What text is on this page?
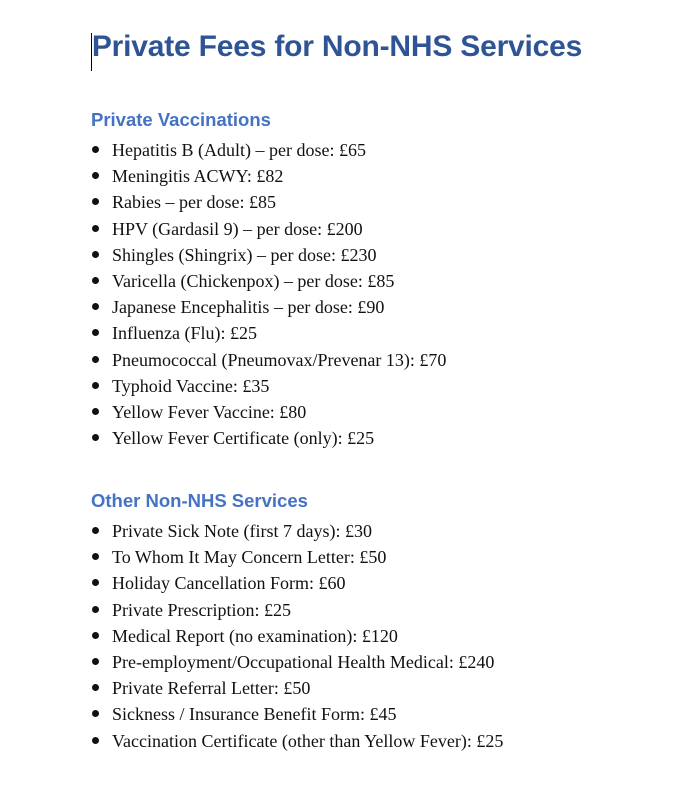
Private Fees for Non-NHS Services
Private Vaccinations
Hepatitis B (Adult) – per dose: £65
Meningitis ACWY: £82
Rabies – per dose: £85
HPV (Gardasil 9) – per dose: £200
Shingles (Shingrix) – per dose: £230
Varicella (Chickenpox) – per dose: £85
Japanese Encephalitis – per dose: £90
Influenza (Flu): £25
Pneumococcal (Pneumovax/Prevenar 13): £70
Typhoid Vaccine: £35
Yellow Fever Vaccine: £80
Yellow Fever Certificate (only): £25
Other Non-NHS Services
Private Sick Note (first 7 days): £30
To Whom It May Concern Letter: £50
Holiday Cancellation Form: £60
Private Prescription: £25
Medical Report (no examination): £120
Pre-employment/Occupational Health Medical: £240
Private Referral Letter: £50
Sickness / Insurance Benefit Form: £45
Vaccination Certificate (other than Yellow Fever): £25
